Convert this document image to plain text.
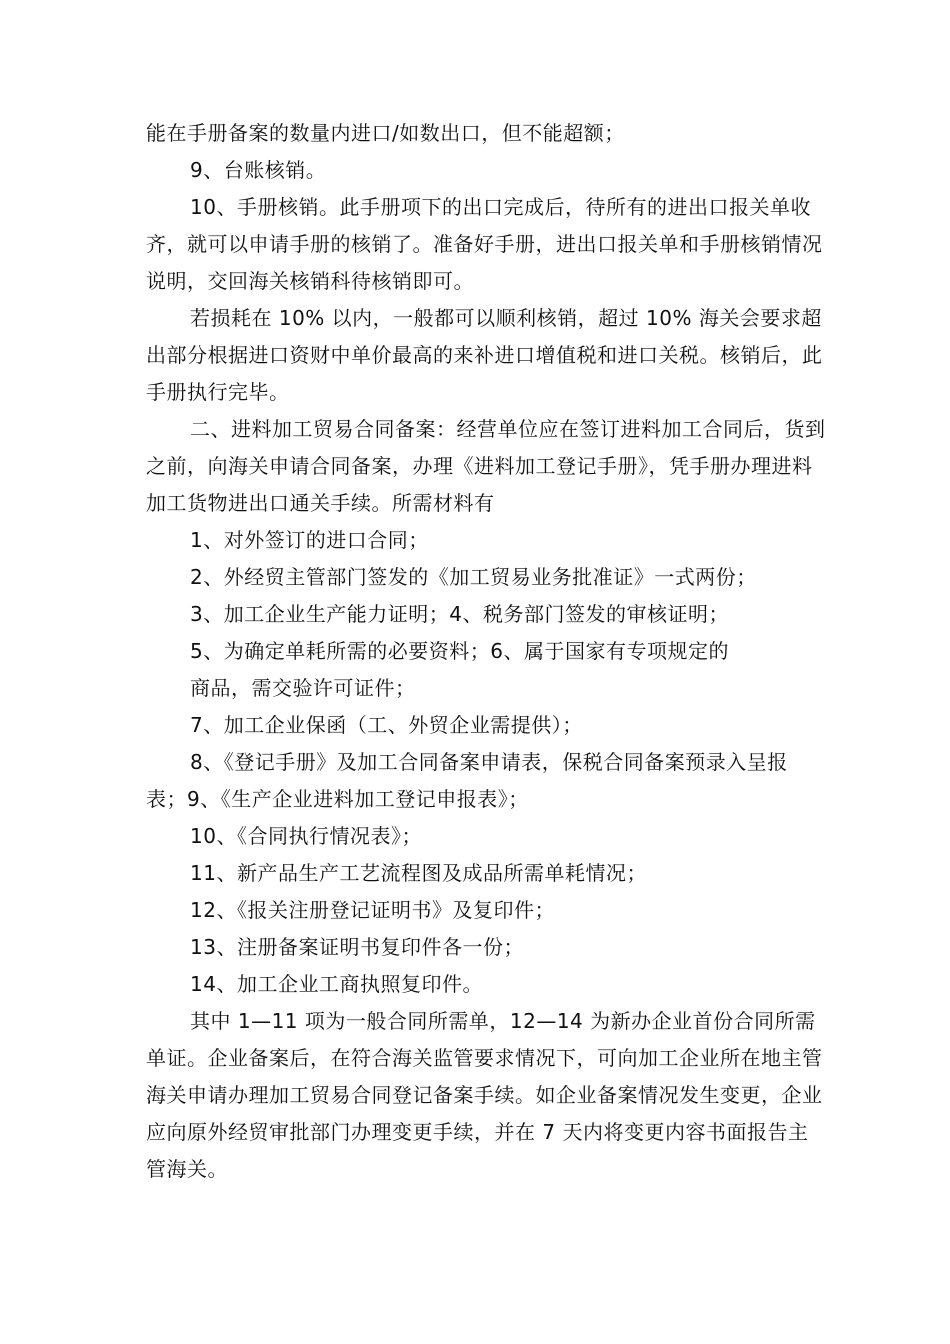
能在手册备案的数量内进口/如数出口，但不能超额；

9、台账核销。

10、手册核销。此手册项下的出口完成后，待所有的进出口报关单收齐，就可以申请手册的核销了。准备好手册，进出口报关单和手册核销情况说明，交回海关核销科待核销即可。

若损耗在 10% 以内，一般都可以顺利核销，超过 10% 海关会要求超出部分根据进口资财中单价最高的来补进口增值税和进口关税。核销后，此手册执行完毕。

二、进料加工贸易合同备案：经营单位应在签订进料加工合同后，货到之前，向海关申请合同备案，办理《进料加工登记手册》，凭手册办理进料加工货物进出口通关手续。所需材料有

1、对外签订的进口合同；

2、外经贸主管部门签发的《加工贸易业务批准证》一式两份；

3、加工企业生产能力证明；4、税务部门签发的审核证明；

5、为确定单耗所需的必要资料；6、属于国家有专项规定的

商品，需交验许可证件；

7、加工企业保函（工、外贸企业需提供）；

8、《登记手册》及加工合同备案申请表，保税合同备案预录入呈报表；9、《生产企业进料加工登记申报表》；

10、《合同执行情况表》；

11、新产品生产工艺流程图及成品所需单耗情况；

12、《报关注册登记证明书》及复印件；

13、注册备案证明书复印件各一份；

14、加工企业工商执照复印件。

其中 1—11 项为一般合同所需单，12—14 为新办企业首份合同所需单证。企业备案后，在符合海关监管要求情况下，可向加工企业所在地主管海关申请办理加工贸易合同登记备案手续。如企业备案情况发生变更，企业应向原外经贸审批部门办理变更手续，并在 7 天内将变更内容书面报告主管海关。
